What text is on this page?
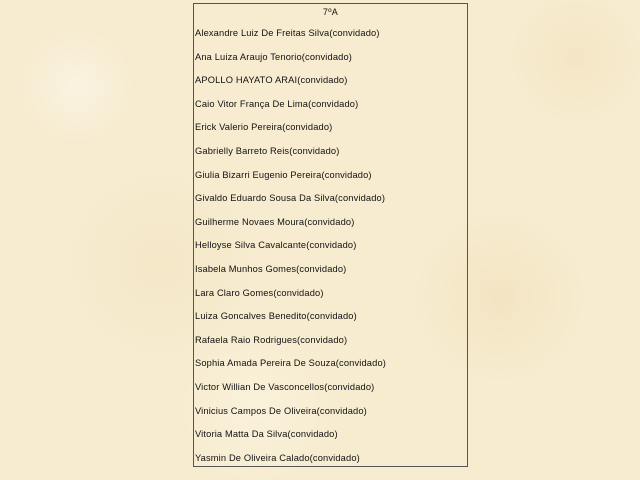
7ºA
Alexandre Luiz De Freitas Silva(convidado)
Ana Luiza Araujo Tenorio(convidado)
APOLLO HAYATO ARAI(convidado)
Caio Vitor França De Lima(convidado)
Erick Valerio Pereira(convidado)
Gabrielly Barreto Reis(convidado)
Giulia Bizarri Eugenio Pereira(convidado)
Givaldo Eduardo Sousa Da Silva(convidado)
Guilherme Novaes Moura(convidado)
Helloyse Silva Cavalcante(convidado)
Isabela Munhos Gomes(convidado)
Lara Claro Gomes(convidado)
Luiza Goncalves Benedito(convidado)
Rafaela Raio Rodrigues(convidado)
Sophia Amada Pereira De Souza(convidado)
Victor Willian De Vasconcellos(convidado)
Vinicius Campos De Oliveira(convidado)
Vitoria Matta Da Silva(convidado)
Yasmin De Oliveira Calado(convidado)
